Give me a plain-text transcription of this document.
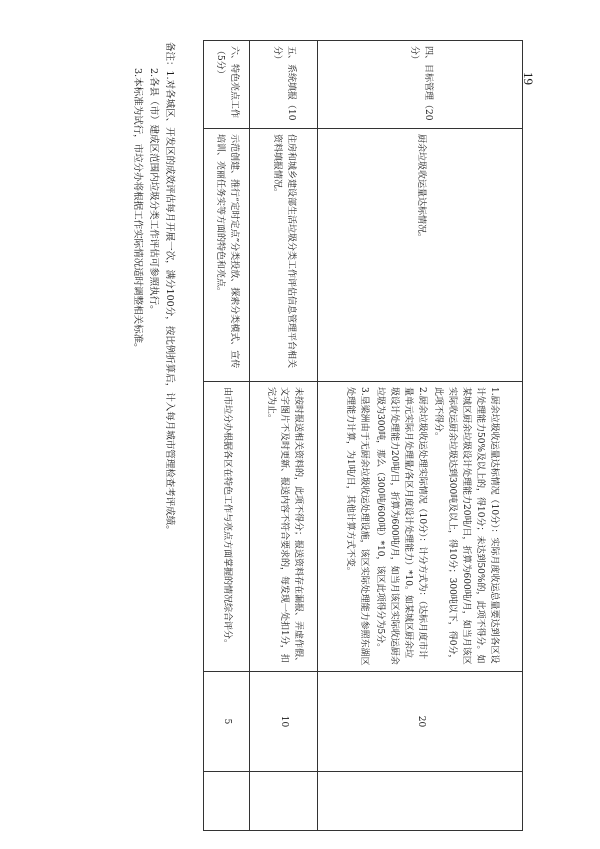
19
四、目标管理（20分）	厨余垃圾收运量达标情况。	1.厨余垃圾收运量达标情况（10分）：实际月度收运总量要达到各区设计处理能力50%及以上的，得10分；未达到50%的，此项不得分。如某城区厨余垃圾设计处理能力20吨/日，折算为600吨/月，如当月该区实际收运厨余垃圾达到300吨及以上，得10分；300吨以下，得0分，此项不得分。

2.厨余垃圾收运处理实际情况（10分）：计分方式为：（达标月度市计量单元实际月处理量/各区月度设计处理能力）*10。如某城区厨余垃圾设计处理能力20吨/日，折算为600吨/月，如当月该区实际收运厨余垃圾为300吨，那么（300吨/600吨）*10，该区此项得分为5分。

3.垦梁洲由于无厨余垃圾收运处理设施，该区实际处理能力参照东湖区处理能力计算，为1吨/日，其他计算方式不变。	20	
五、系统填报（10分）	住房和城乡建设部生活垃圾分类工作评估信息管理平台相关资料填报情况。	未按时报送相关资料的，此项不得分；报送资料存在漏报、弄虚作假、文字图片不及时更新、报送内容不符合要求的，每发现一处扣1分，扣完为止。	10	
六、特色亮点工作（5分）	示范创建、推行“定时定点”分类投放、探索分类模式、宣传培训、亮丽任务实等方面的特色和亮点。	由市垃分办根据各区在特色工作与亮点方面掌握的情况综合评分。	5	
备注：1.对各城区、开发区的成效评估每月开展一次，满分100分，按比例折算后，计入每月城市管理检查考评成绩。
2.各县（市）建成区范围内垃圾分类工作评估可参照执行。
3.本标准为试行，市垃分办将根据工作实际情况适时调整相关标准。
